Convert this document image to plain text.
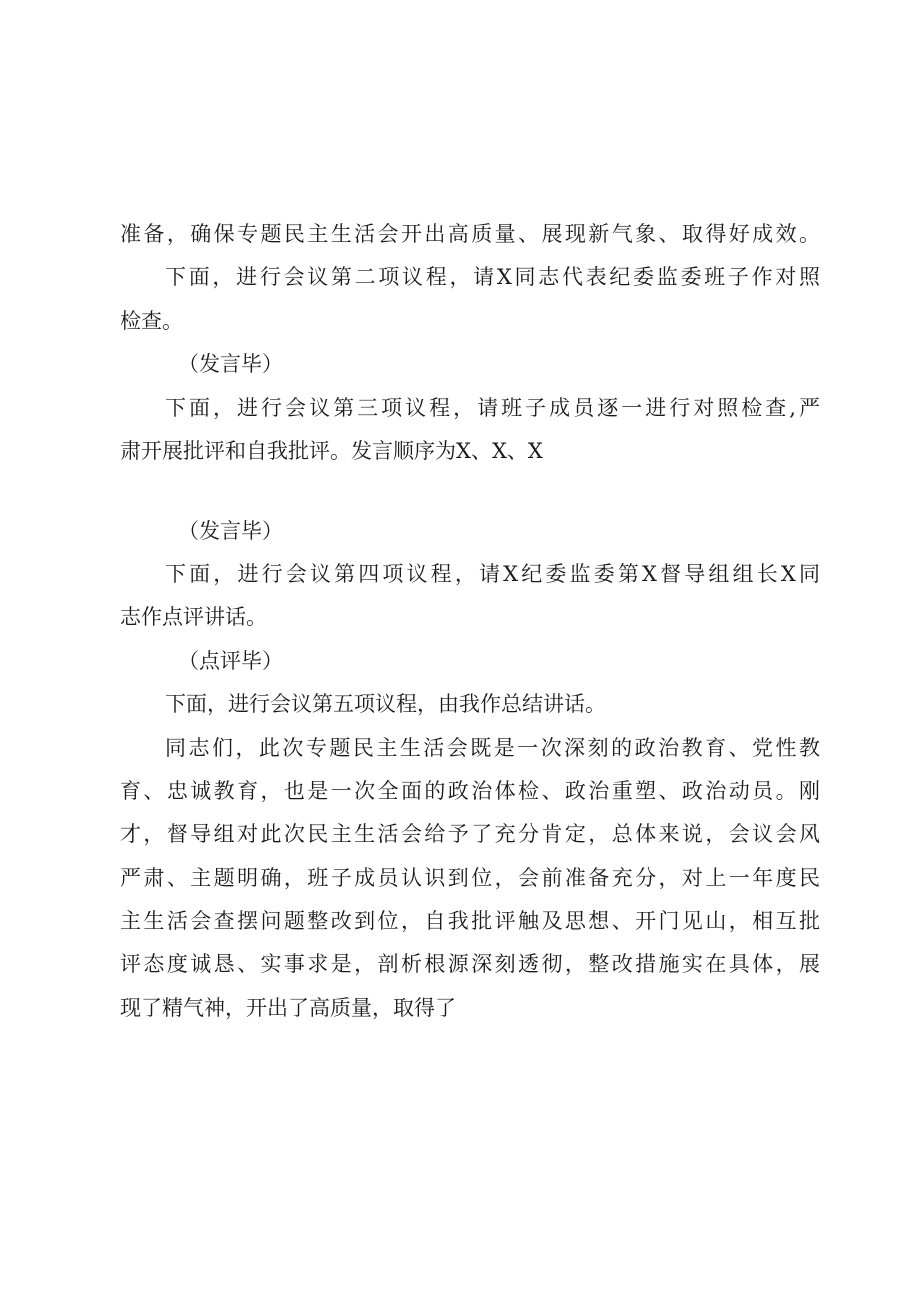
准备，确保专题民主生活会开出高质量、展现新气象、取得好成效。
下面，进行会议第二项议程，请X同志代表纪委监委班子作对照
检查。
（发言毕）
下面，进行会议第三项议程，请班子成员逐一进行对照检查,严
肃开展批评和自我批评。发言顺序为X、X、X
（发言毕）
下面，进行会议第四项议程，请X纪委监委第X督导组组长X同
志作点评讲话。
（点评毕）
下面，进行会议第五项议程，由我作总结讲话。
同志们，此次专题民主生活会既是一次深刻的政治教育、党性教
育、忠诚教育，也是一次全面的政治体检、政治重塑、政治动员。刚
才，督导组对此次民主生活会给予了充分肯定，总体来说，会议会风
严肃、主题明确，班子成员认识到位，会前准备充分，对上一年度民
主生活会查摆问题整改到位，自我批评触及思想、开门见山，相互批
评态度诚恳、实事求是，剖析根源深刻透彻，整改措施实在具体，展
现了精气神，开出了高质量，取得了
